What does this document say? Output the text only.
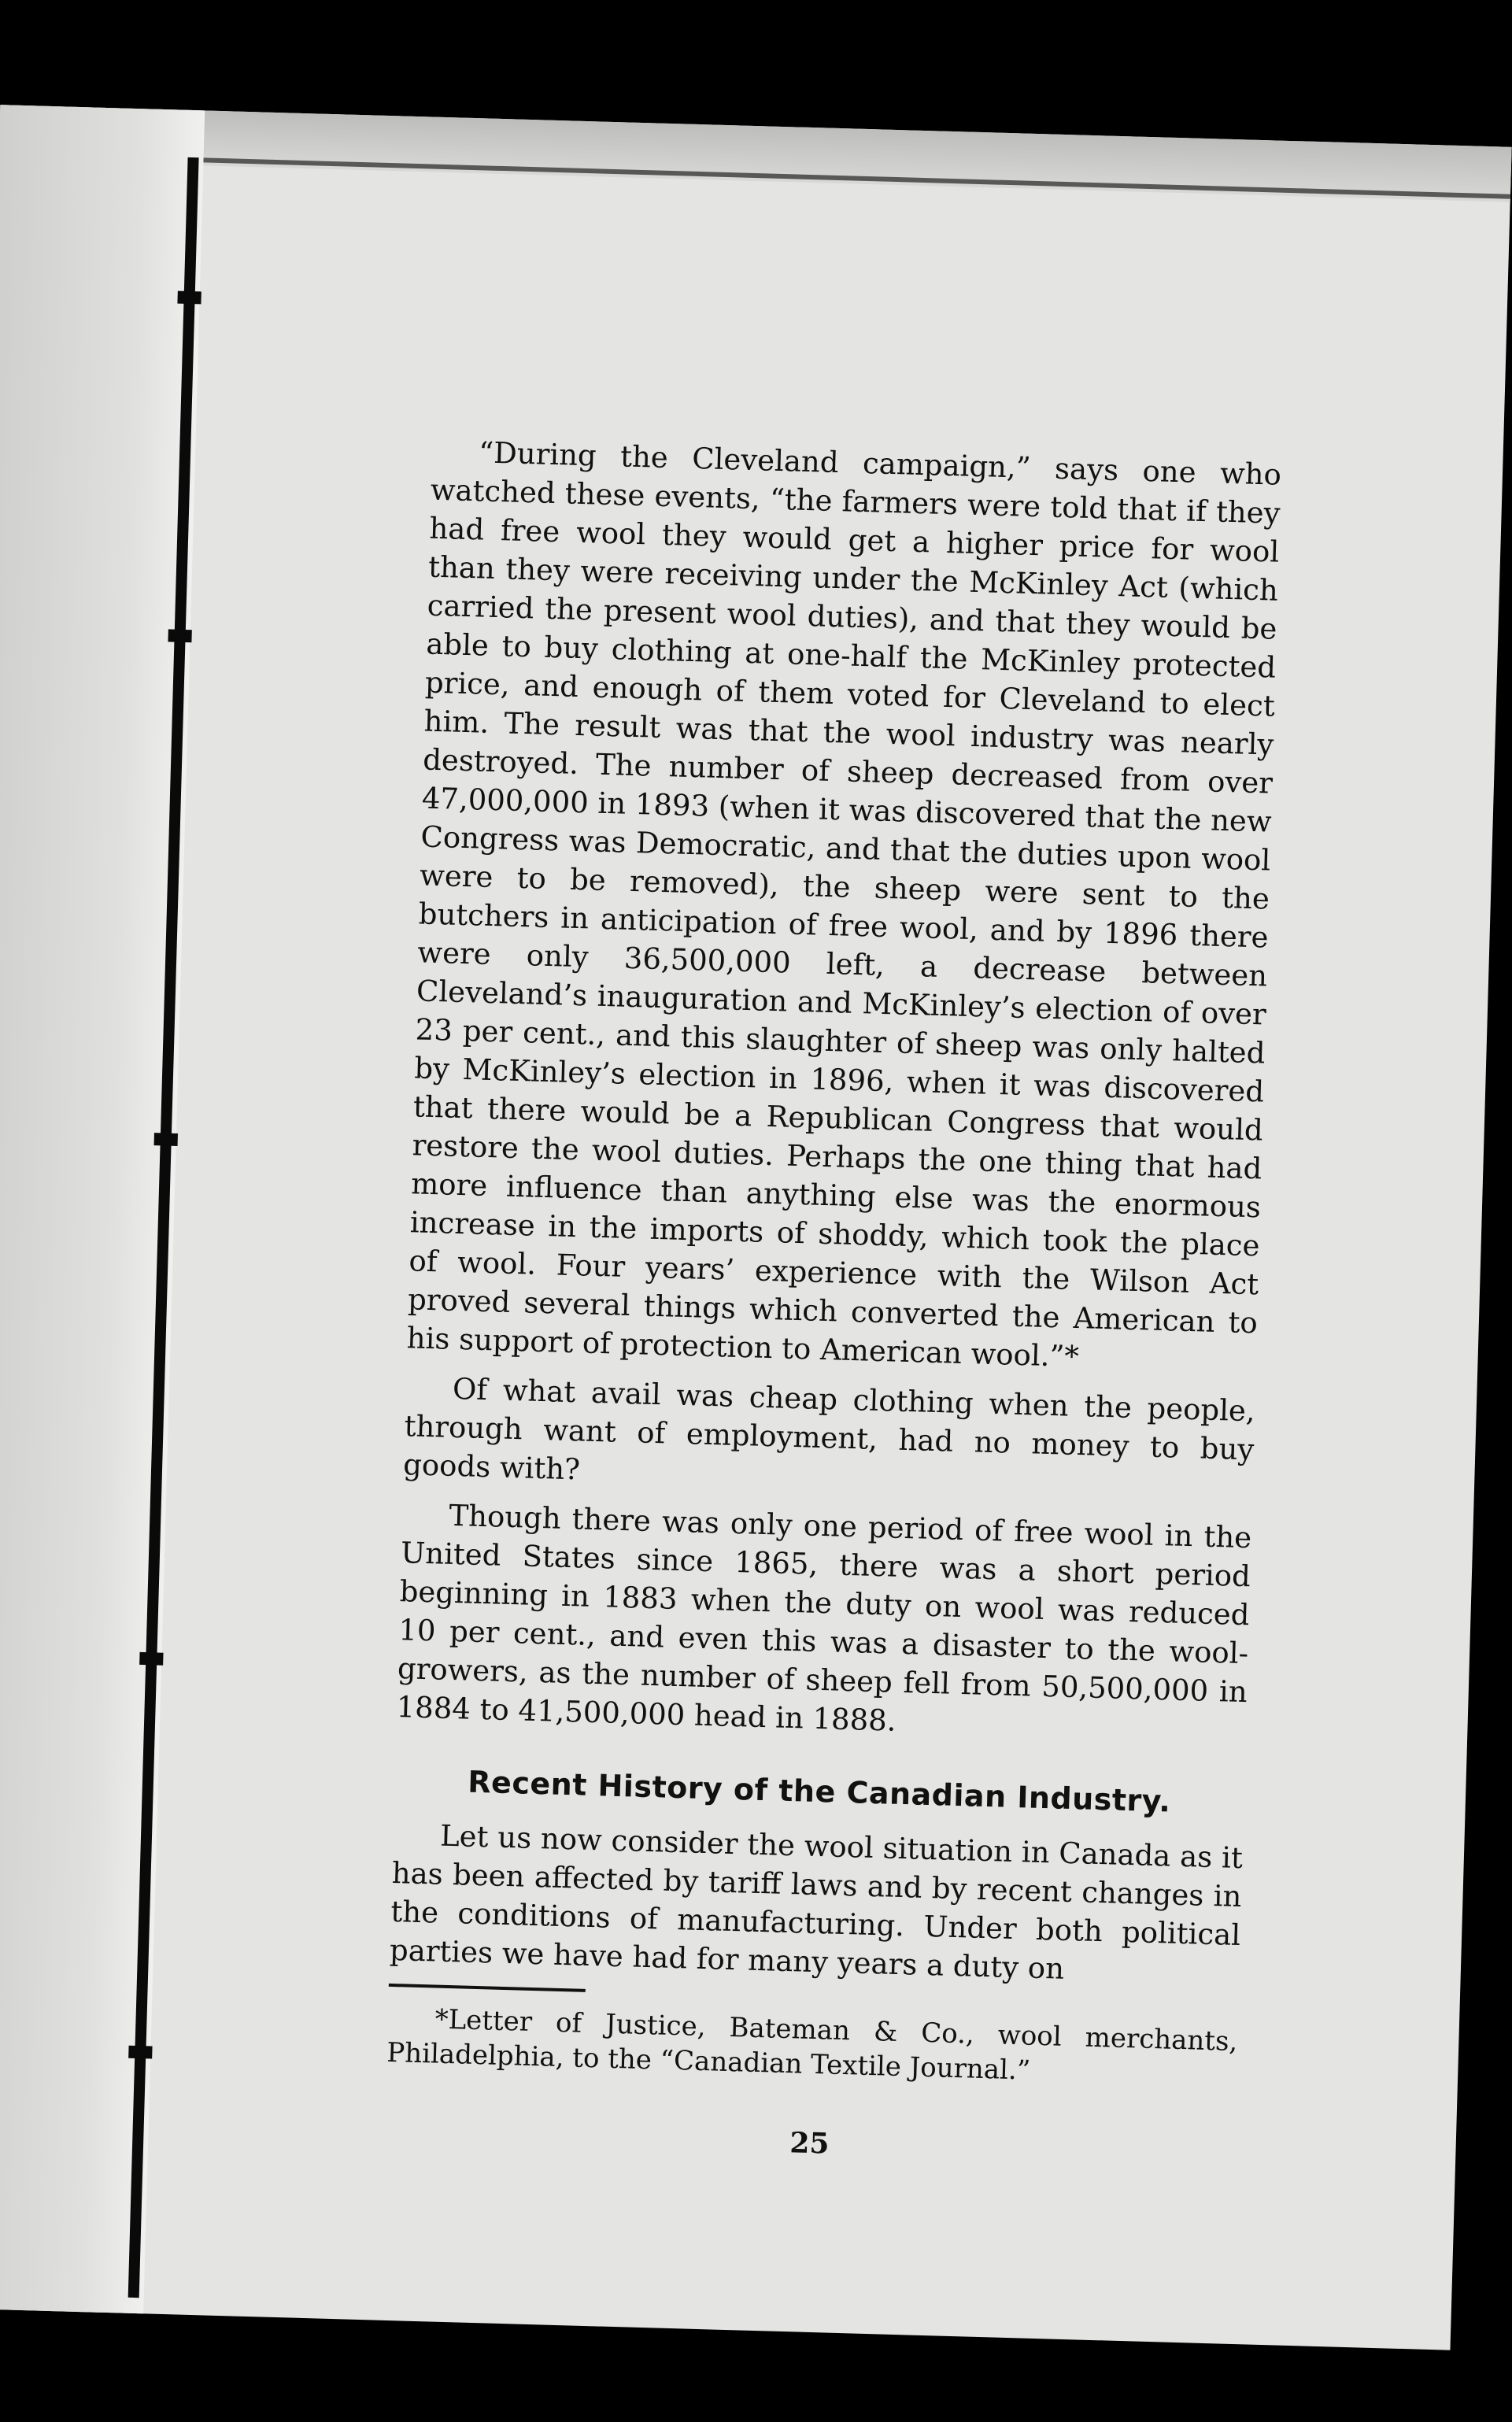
“During the Cleveland campaign,” says one who watched these events, “the farmers were told that if they had free wool they would get a higher price for wool than they were receiving under the McKinley Act (which carried the present wool duties), and that they would be able to buy clothing at one-half the McKinley protected price, and enough of them voted for Cleveland to elect him. The result was that the wool industry was nearly destroyed. The number of sheep decreased from over 47,000,000 in 1893 (when it was discovered that the new Congress was Democratic, and that the duties upon wool were to be removed), the sheep were sent to the butchers in anticipation of free wool, and by 1896 there were only 36,500,000 left, a decrease between Cleveland’s inauguration and McKinley’s election of over 23 per cent., and this slaughter of sheep was only halted by McKinley’s election in 1896, when it was discovered that there would be a Republican Congress that would restore the wool duties. Perhaps the one thing that had more influence than anything else was the enormous increase in the imports of shoddy, which took the place of wool. Four years’ experience with the Wilson Act proved several things which converted the American to his support of protection to American wool.”*

Of what avail was cheap clothing when the people, through want of employment, had no money to buy goods with?

Though there was only one period of free wool in the United States since 1865, there was a short period beginning in 1883 when the duty on wool was reduced 10 per cent., and even this was a disaster to the wool-growers, as the number of sheep fell from 50,500,000 in 1884 to 41,500,000 head in 1888.

Recent History of the Canadian Industry.

Let us now consider the wool situation in Canada as it has been affected by tariff laws and by recent changes in the conditions of manufacturing. Under both political parties we have had for many years a duty on

*Letter of Justice, Bateman & Co., wool merchants, Philadelphia, to the “Canadian Textile Journal.”

25
